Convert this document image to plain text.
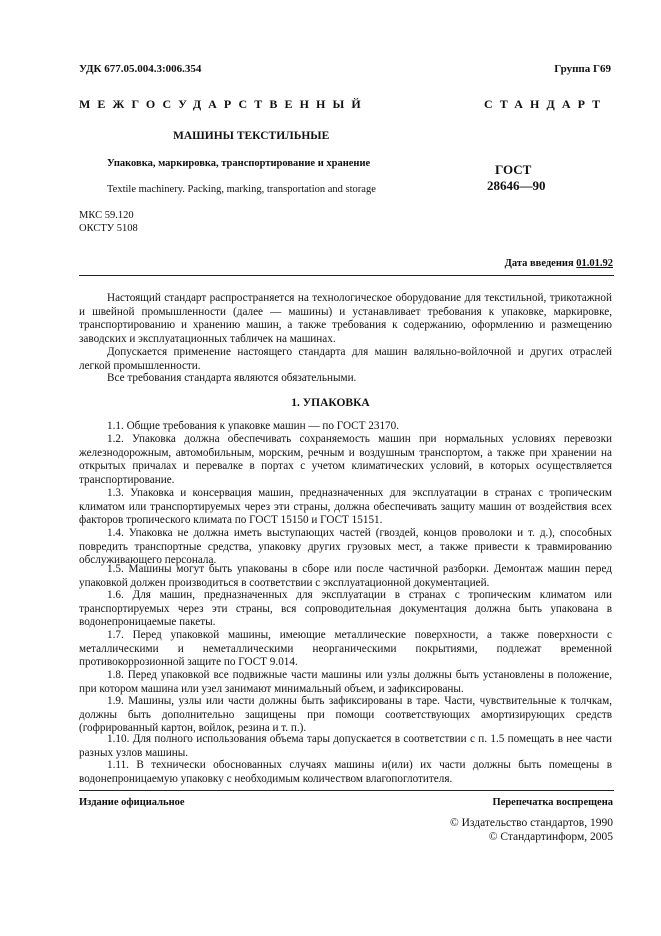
УДК 677.05.004.3:006.354	Группа Г69
МЕЖГОСУДАРСТВЕННЫЙ	СТАНДАРТ
МАШИНЫ ТЕКСТИЛЬНЫЕ
Упаковка, маркировка, транспортирование и хранение
Textile machinery. Packing, marking, transportation and storage
ГОСТ
28646—90
МКС 59.120
ОКСТУ 5108
Дата введения 01.01.92

Настоящий стандарт распространяется на технологическое оборудование для текстильной, трикотажной и швейной промышленности (далее — машины) и устанавливает требования к упаковке, маркировке, транспортированию и хранению машин, а также требования к содержанию, оформлению и размещению заводских и эксплуатационных табличек на машинах.

Допускается применение настоящего стандарта для машин валяльно-войлочной и других отраслей легкой промышленности.

Все требования стандарта являются обязательными.

1. УПАКОВКА

1.1. Общие требования к упаковке машин — по ГОСТ 23170.

1.2. Упаковка должна обеспечивать сохраняемость машин при нормальных условиях перевозки железнодорожным, автомобильным, морским, речным и воздушным транспортом, а также при хранении на открытых причалах и перевалке в портах с учетом климатических условий, в которых осуществляется транспортирование.

1.3. Упаковка и консервация машин, предназначенных для эксплуатации в странах с тропическим климатом или транспортируемых через эти страны, должна обеспечивать защиту машин от воздействия всех факторов тропического климата по ГОСТ 15150 и ГОСТ 15151.

1.4. Упаковка не должна иметь выступающих частей (гвоздей, концов проволоки и т. д.), способных повредить транспортные средства, упаковку других грузовых мест, а также привести к травмированию обслуживающего персонала.

1.5. Машины могут быть упакованы в сборе или после частичной разборки. Демонтаж машин перед упаковкой должен производиться в соответствии с эксплуатационной документацией.

1.6. Для машин, предназначенных для эксплуатации в странах с тропическим климатом или транспортируемых через эти страны, вся сопроводительная документация должна быть упакована в водонепроницаемые пакеты.

1.7. Перед упаковкой машины, имеющие металлические поверхности, а также поверхности с металлическими и неметаллическими неорганическими покрытиями, подлежат временной противокоррозионной защите по ГОСТ 9.014.

1.8. Перед упаковкой все подвижные части машины или узлы должны быть установлены в положение, при котором машина или узел занимают минимальный объем, и зафиксированы.

1.9. Машины, узлы или части должны быть зафиксированы в таре. Части, чувствительные к толчкам, должны быть дополнительно защищены при помощи соответствующих амортизирующих средств (гофрированный картон, войлок, резина и т. п.).

1.10. Для полного использования объема тары допускается в соответствии с п. 1.5 помещать в нее части разных узлов машины.

1.11. В технически обоснованных случаях машины и(или) их части должны быть помещены в водонепроницаемую упаковку с необходимым количеством влагопоглотителя.

Издание официальное	Перепечатка воспрещена
© Издательство стандартов, 1990
© Стандартинформ, 2005
